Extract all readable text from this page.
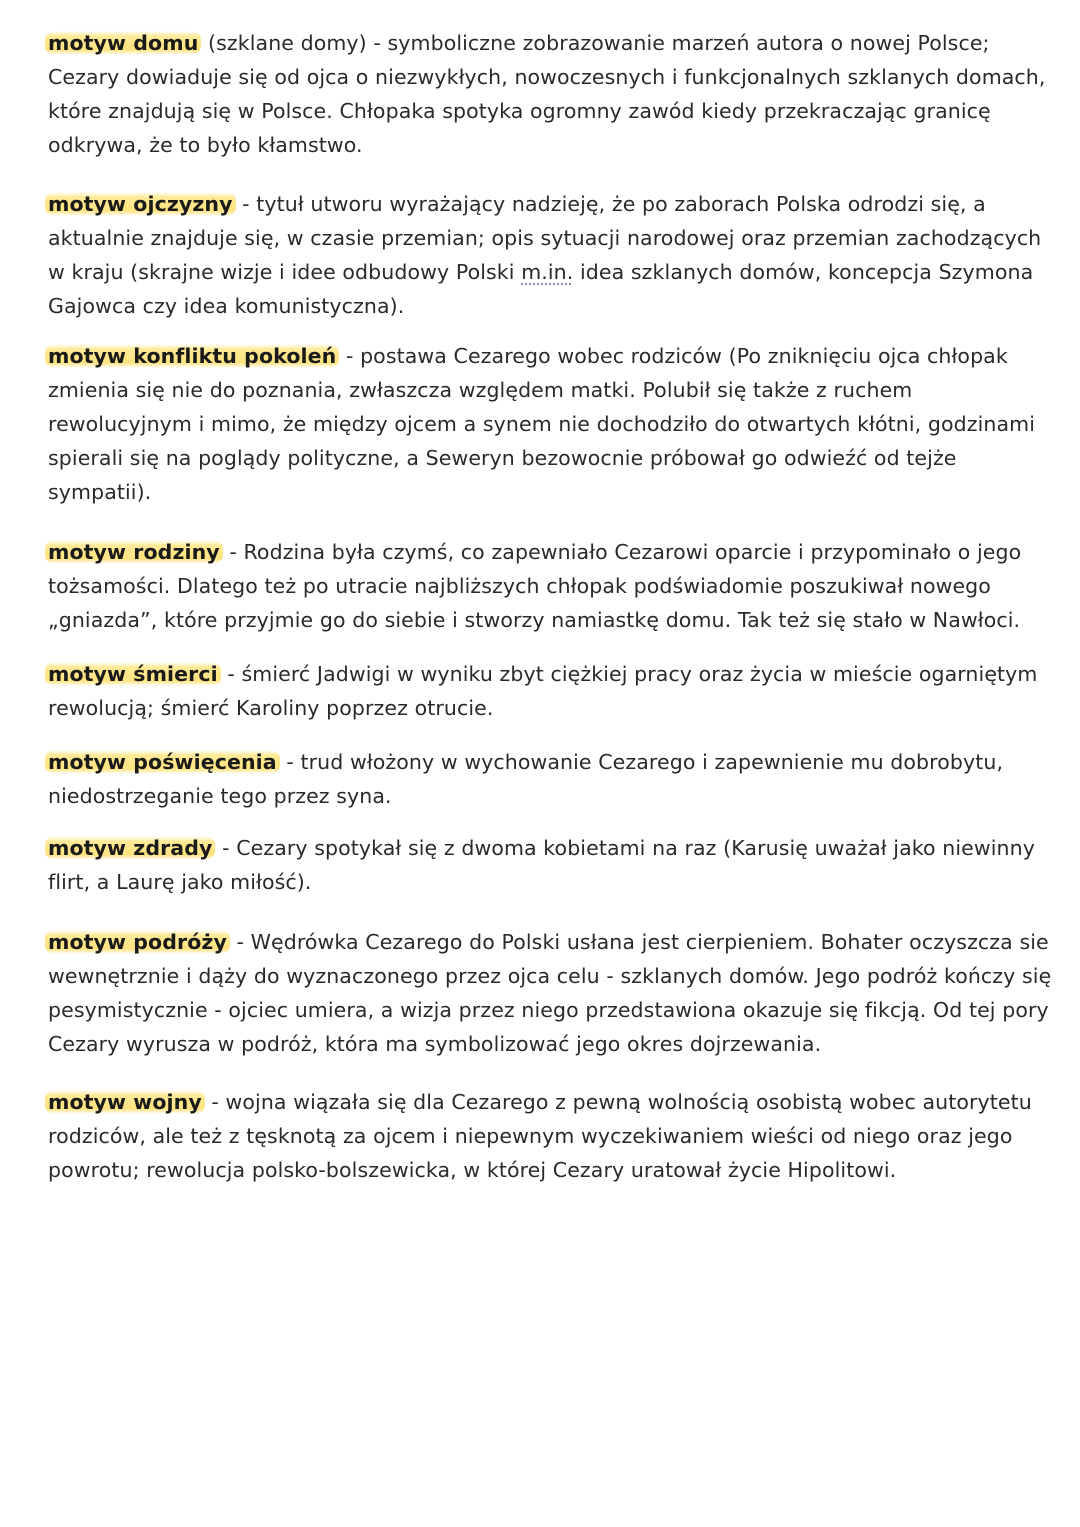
motyw domu (szklane domy) - symboliczne zobrazowanie marzeń autora o nowej Polsce; Cezary dowiaduje się od ojca o niezwykłych, nowoczesnych i funkcjonalnych szklanych domach, które znajdują się w Polsce. Chłopaka spotyka ogromny zawód kiedy przekraczając granicę odkrywa, że to było kłamstwo.

motyw ojczyzny - tytuł utworu wyrażający nadzieję, że po zaborach Polska odrodzi się, a aktualnie znajduje się, w czasie przemian; opis sytuacji narodowej oraz przemian zachodzących w kraju (skrajne wizje i idee odbudowy Polski m.in. idea szklanych domów, koncepcja Szymona Gajowca czy idea komunistyczna).

motyw konfliktu pokoleń - postawa Cezarego wobec rodziców (Po zniknięciu ojca chłopak zmienia się nie do poznania, zwłaszcza względem matki. Polubił się także z ruchem rewolucyjnym i mimo, że między ojcem a synem nie dochodziło do otwartych kłótni, godzinami spierali się na poglądy polityczne, a Seweryn bezowocnie próbował go odwieźć od tejże sympatii).

motyw rodziny - Rodzina była czymś, co zapewniało Cezarowi oparcie i przypominało o jego tożsamości. Dlatego też po utracie najbliższych chłopak podświadomie poszukiwał nowego „gniazda”, które przyjmie go do siebie i stworzy namiastkę domu. Tak też się stało w Nawłoci.

motyw śmierci - śmierć Jadwigi w wyniku zbyt ciężkiej pracy oraz życia w mieście ogarniętym rewolucją; śmierć Karoliny poprzez otrucie.

motyw poświęcenia - trud włożony w wychowanie Cezarego i zapewnienie mu dobrobytu, niedostrzeganie tego przez syna.

motyw zdrady - Cezary spotykał się z dwoma kobietami na raz (Karusię uważał jako niewinny flirt, a Laurę jako miłość).

motyw podróży - Wędrówka Cezarego do Polski usłana jest cierpieniem. Bohater oczyszcza sie wewnętrznie i dąży do wyznaczonego przez ojca celu - szklanych domów. Jego podróż kończy się pesymistycznie - ojciec umiera, a wizja przez niego przedstawiona okazuje się fikcją. Od tej pory Cezary wyrusza w podróż, która ma symbolizować jego okres dojrzewania.

motyw wojny - wojna wiązała się dla Cezarego z pewną wolnością osobistą wobec autorytetu rodziców, ale też z tęsknotą za ojcem i niepewnym wyczekiwaniem wieści od niego oraz jego powrotu; rewolucja polsko-bolszewicka, w której Cezary uratował życie Hipolitowi.
